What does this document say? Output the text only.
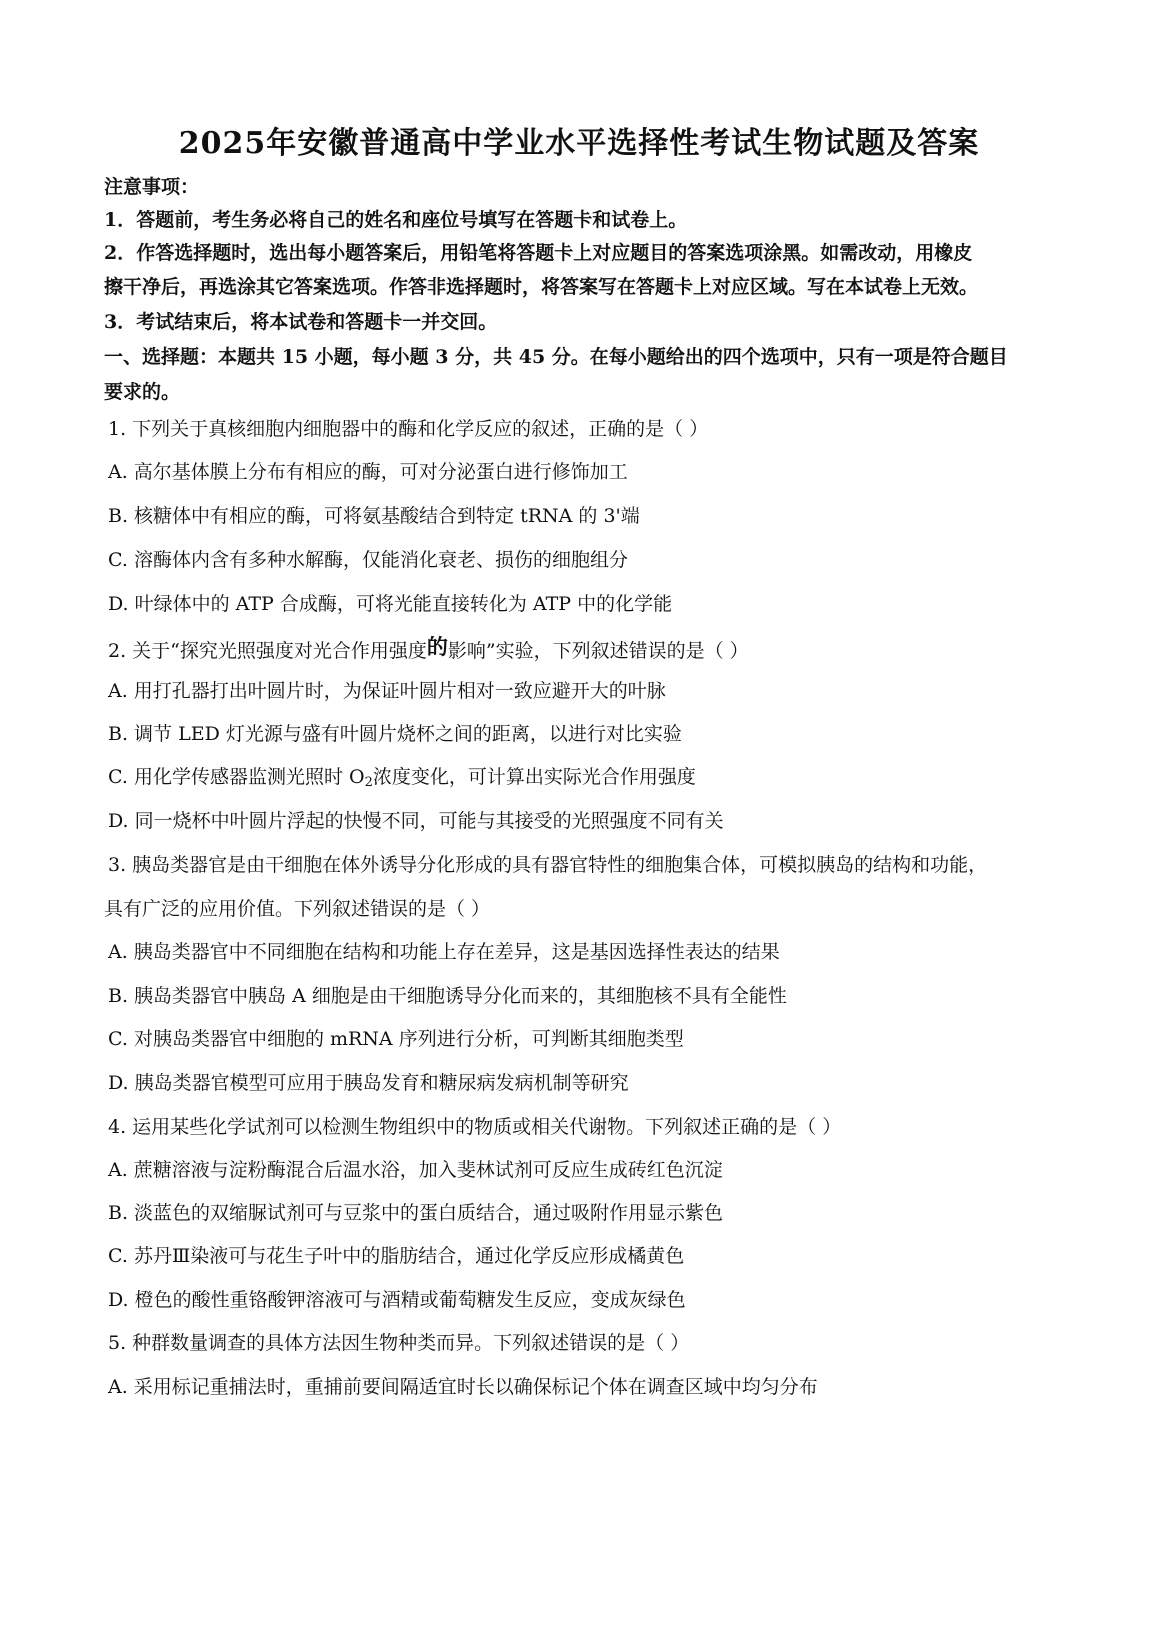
2025年安徽普通高中学业水平选择性考试生物试题及答案
注意事项：
1．答题前，考生务必将自己的姓名和座位号填写在答题卡和试卷上。
2．作答选择题时，选出每小题答案后，用铅笔将答题卡上对应题目的答案选项涂黑。如需改动，用橡皮
擦干净后，再选涂其它答案选项。作答非选择题时，将答案写在答题卡上对应区域。写在本试卷上无效。
3．考试结束后，将本试卷和答题卡一并交回。
一、选择题：本题共 15 小题，每小题 3 分，共 45 分。在每小题给出的四个选项中，只有一项是符合题目
要求的。
1. 下列关于真核细胞内细胞器中的酶和化学反应的叙述，正确的是（ ）
A. 高尔基体膜上分布有相应的酶，可对分泌蛋白进行修饰加工
B. 核糖体中有相应的酶，可将氨基酸结合到特定 tRNA 的 3'端
C. 溶酶体内含有多种水解酶，仅能消化衰老、损伤的细胞组分
D. 叶绿体中的 ATP 合成酶，可将光能直接转化为 ATP 中的化学能
2. 关于“探究光照强度对光合作用强度的影响”实验，下列叙述错误的是（ ）
A. 用打孔器打出叶圆片时，为保证叶圆片相对一致应避开大的叶脉
B. 调节 LED 灯光源与盛有叶圆片烧杯之间的距离，以进行对比实验
C. 用化学传感器监测光照时 $O_2$浓度变化，可计算出实际光合作用强度
D. 同一烧杯中叶圆片浮起的快慢不同，可能与其接受的光照强度不同有关
3. 胰岛类器官是由干细胞在体外诱导分化形成的具有器官特性的细胞集合体，可模拟胰岛的结构和功能，
具有广泛的应用价值。下列叙述错误的是（ ）
A. 胰岛类器官中不同细胞在结构和功能上存在差异，这是基因选择性表达的结果
B. 胰岛类器官中胰岛 A 细胞是由干细胞诱导分化而来的，其细胞核不具有全能性
C. 对胰岛类器官中细胞的 mRNA 序列进行分析，可判断其细胞类型
D. 胰岛类器官模型可应用于胰岛发育和糖尿病发病机制等研究
4. 运用某些化学试剂可以检测生物组织中的物质或相关代谢物。下列叙述正确的是（ ）
A. 蔗糖溶液与淀粉酶混合后温水浴，加入斐林试剂可反应生成砖红色沉淀
B. 淡蓝色的双缩脲试剂可与豆浆中的蛋白质结合，通过吸附作用显示紫色
C. 苏丹Ⅲ染液可与花生子叶中的脂肪结合，通过化学反应形成橘黄色
D. 橙色的酸性重铬酸钾溶液可与酒精或葡萄糖发生反应，变成灰绿色
5. 种群数量调查的具体方法因生物种类而异。下列叙述错误的是（ ）
A. 采用标记重捕法时，重捕前要间隔适宜时长以确保标记个体在调查区域中均匀分布
